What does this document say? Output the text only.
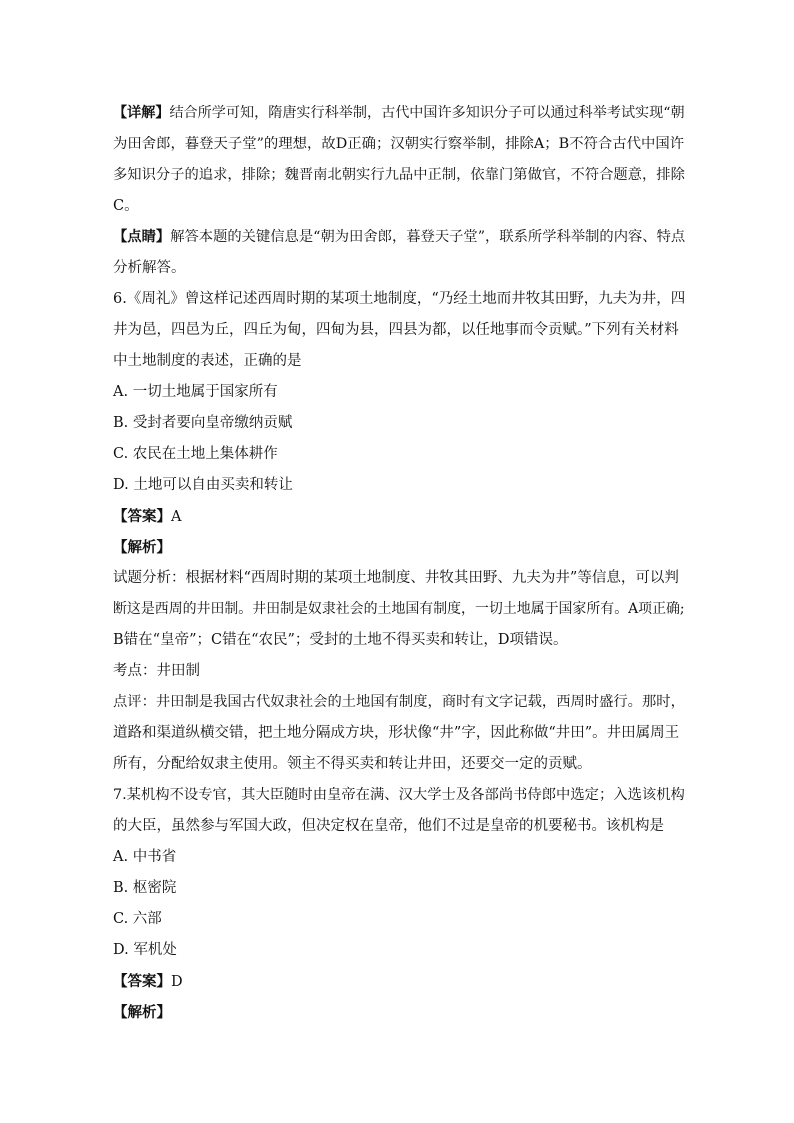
【详解】结合所学可知，隋唐实行科举制，古代中国许多知识分子可以通过科举考试实现“朝
为田舍郎，暮登天子堂”的理想，故D正确；汉朝实行察举制，排除A；B不符合古代中国许
多知识分子的追求，排除；魏晋南北朝实行九品中正制，依靠门第做官，不符合题意，排除
C。
【点睛】解答本题的关键信息是“朝为田舍郎，暮登天子堂”，联系所学科举制的内容、特点
分析解答。
6.《周礼》曾这样记述西周时期的某项土地制度，“乃经土地而井牧其田野，九夫为井，四
井为邑，四邑为丘，四丘为甸，四甸为县，四县为都，以任地事而令贡赋。”下列有关材料
中土地制度的表述，正确的是
A. 一切土地属于国家所有
B. 受封者要向皇帝缴纳贡赋
C. 农民在土地上集体耕作
D. 土地可以自由买卖和转让
【答案】A
【解析】
试题分析：根据材料“西周时期的某项土地制度、井牧其田野、九夫为井”等信息，可以判
断这是西周的井田制。井田制是奴隶社会的土地国有制度，一切土地属于国家所有。A项正确;
B错在“皇帝”；C错在“农民”；受封的土地不得买卖和转让，D项错误。
考点：井田制
点评：井田制是我国古代奴隶社会的土地国有制度，商时有文字记载，西周时盛行。那时，
道路和渠道纵横交错，把土地分隔成方块，形状像“井”字，因此称做“井田”。井田属周王
所有，分配给奴隶主使用。领主不得买卖和转让井田，还要交一定的贡赋。
7.某机构不设专官，其大臣随时由皇帝在满、汉大学士及各部尚书侍郎中选定；入选该机构
的大臣，虽然参与军国大政，但决定权在皇帝，他们不过是皇帝的机要秘书。该机构是
A. 中书省
B. 枢密院
C. 六部
D. 军机处
【答案】D
【解析】
